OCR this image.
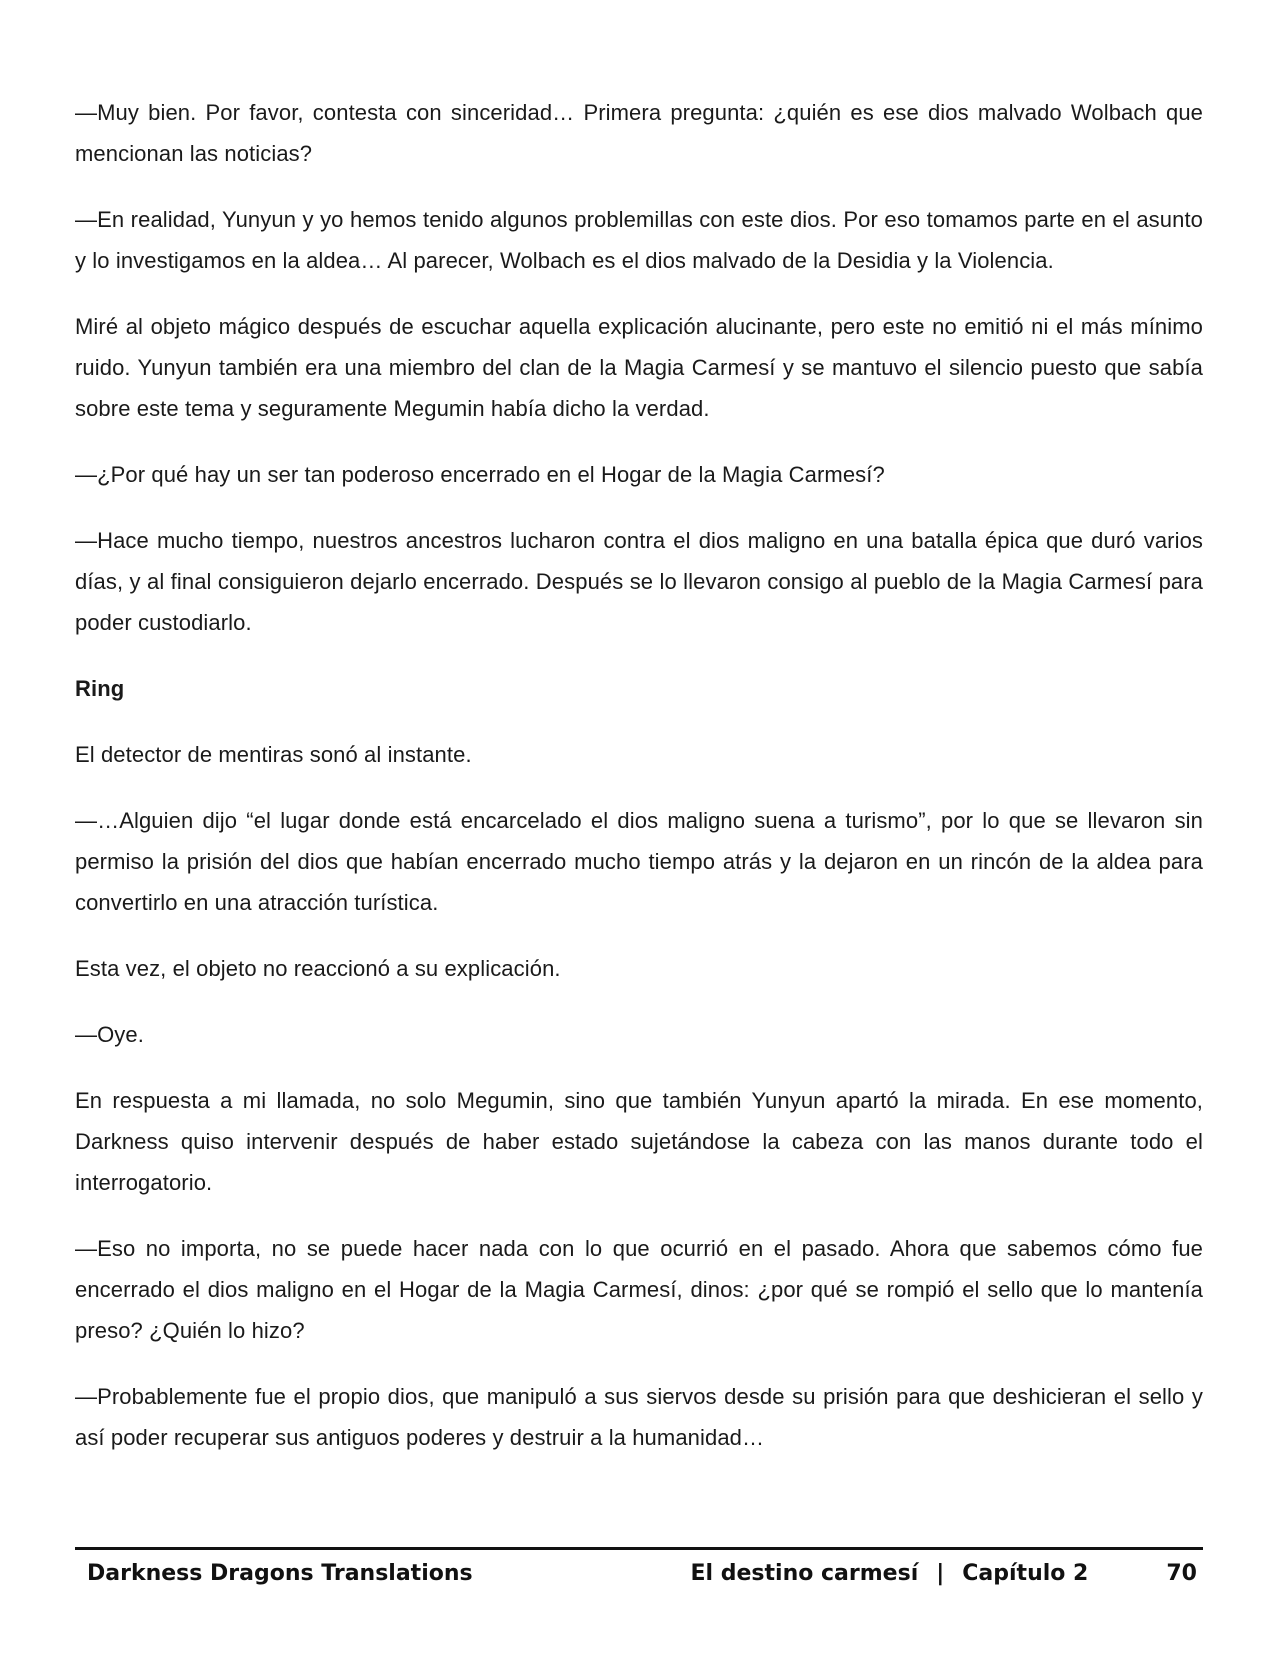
—Muy bien. Por favor, contesta con sinceridad… Primera pregunta: ¿quién es ese dios malvado Wolbach que mencionan las noticias?

—En realidad, Yunyun y yo hemos tenido algunos problemillas con este dios. Por eso tomamos parte en el asunto y lo investigamos en la aldea… Al parecer, Wolbach es el dios malvado de la Desidia y la Violencia.

Miré al objeto mágico después de escuchar aquella explicación alucinante, pero este no emitió ni el más mínimo ruido. Yunyun también era una miembro del clan de la Magia Carmesí y se mantuvo el silencio puesto que sabía sobre este tema y seguramente Megumin había dicho la verdad.

—¿Por qué hay un ser tan poderoso encerrado en el Hogar de la Magia Carmesí?

—Hace mucho tiempo, nuestros ancestros lucharon contra el dios maligno en una batalla épica que duró varios días, y al final consiguieron dejarlo encerrado. Después se lo llevaron consigo al pueblo de la Magia Carmesí para poder custodiarlo.

Ring

El detector de mentiras sonó al instante.

—…Alguien dijo “el lugar donde está encarcelado el dios maligno suena a turismo”, por lo que se llevaron sin permiso la prisión del dios que habían encerrado mucho tiempo atrás y la dejaron en un rincón de la aldea para convertirlo en una atracción turística.

Esta vez, el objeto no reaccionó a su explicación.

—Oye.

En respuesta a mi llamada, no solo Megumin, sino que también Yunyun apartó la mirada. En ese momento, Darkness quiso intervenir después de haber estado sujetándose la cabeza con las manos durante todo el interrogatorio.

—Eso no importa, no se puede hacer nada con lo que ocurrió en el pasado. Ahora que sabemos cómo fue encerrado el dios maligno en el Hogar de la Magia Carmesí, dinos: ¿por qué se rompió el sello que lo mantenía preso? ¿Quién lo hizo?

—Probablemente fue el propio dios, que manipuló a sus siervos desde su prisión para que deshicieran el sello y así poder recuperar sus antiguos poderes y destruir a la humanidad…

Darkness Dragons Translations	El destino carmesí | Capítulo 2	70
